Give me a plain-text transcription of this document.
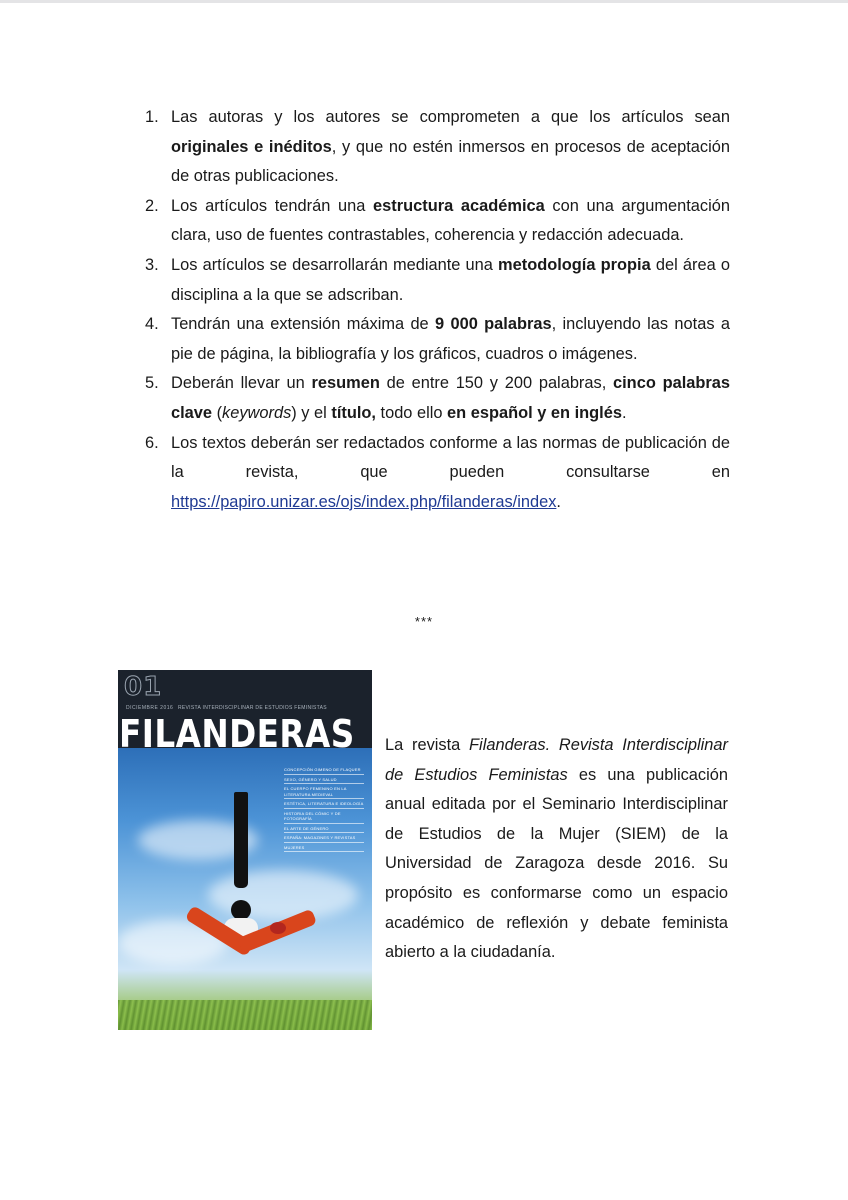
1. Las autoras y los autores se comprometen a que los artículos sean originales e inéditos, y que no estén inmersos en procesos de aceptación de otras publicaciones.
2. Los artículos tendrán una estructura académica con una argumentación clara, uso de fuentes contrastables, coherencia y redacción adecuada.
3. Los artículos se desarrollarán mediante una metodología propia del área o disciplina a la que se adscriban.
4. Tendrán una extensión máxima de 9 000 palabras, incluyendo las notas a pie de página, la bibliografía y los gráficos, cuadros o imágenes.
5. Deberán llevar un resumen de entre 150 y 200 palabras, cinco palabras clave (keywords) y el título, todo ello en español y en inglés.
6. Los textos deberán ser redactados conforme a las normas de publicación de la revista, que pueden consultarse en https://papiro.unizar.es/ojs/index.php/filanderas/index.
***
01
DICIEMBRE 2016 REVISTA INTERDISCIPLINAR DE ESTUDIOS FEMINISTAS
FILANDERAS
CONCEPCIÓN GIMENO DE FLAQUER
SEXO, GÉNERO Y SALUD
EL CUERPO FEMENINO EN LA LITERATURA MEDIEVAL
ESTÉTICA, LITERATURA E IDEOLOGÍA
HISTORIA DEL CÓMIC Y DE FOTOGRAFÍA
EL ARTE DE GÉNERO
ESPAÑA: MAGAZINES Y REVISTAS
MUJERES

La revista Filanderas. Revista Interdisciplinar de Estudios Feministas es una publicación anual editada por el Seminario Interdisciplinar de Estudios de la Mujer (SIEM) de la Universidad de Zaragoza desde 2016. Su propósito es conformarse como un espacio académico de reflexión y debate feminista abierto a la ciudadanía.
